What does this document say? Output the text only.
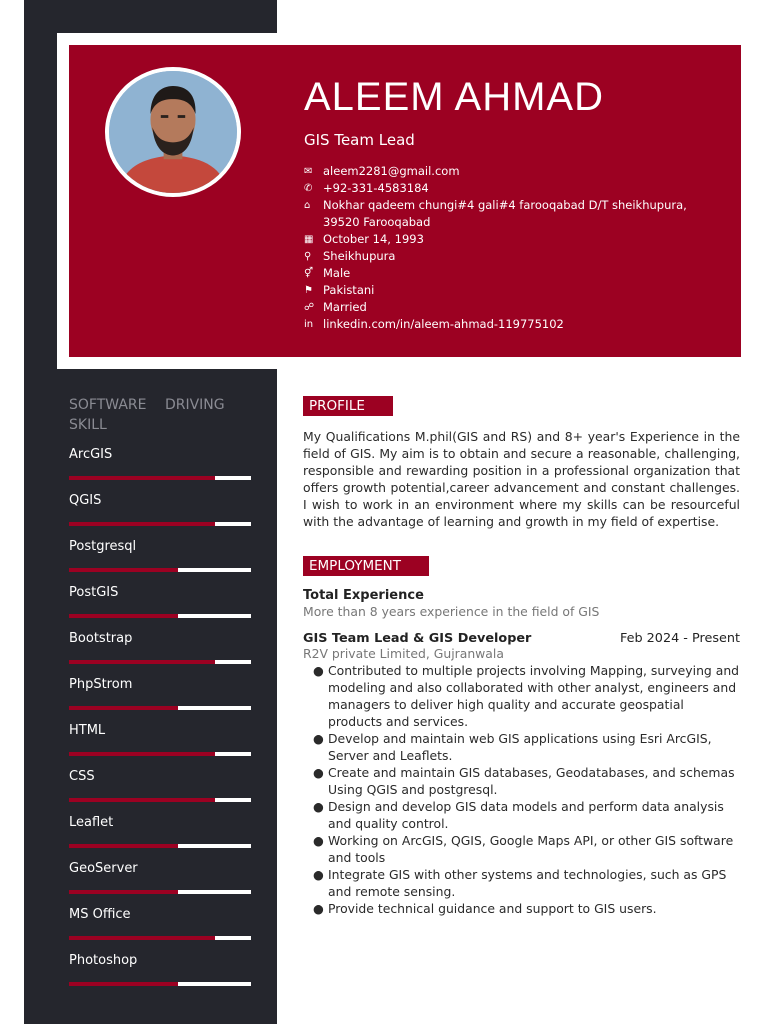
ALEEM AHMAD
GIS Team Lead
✉ aleem2281@gmail.com
✆ +92-331-4583184
⌂	Nokhar qadeem chungi#4 gali#4 farooqabad D/T sheikhupura, 39520 Farooqabad
▦ October 14, 1993
⚲	Sheikhupura
⚥ Male
⚑ Pakistani
☍ Married
in linkedin.com/in/aleem-ahmad-119775102
SOFTWARE DRIVING SKILL
ArcGIS
QGIS
Postgresql
PostGIS
Bootstrap
PhpStrom
HTML
CSS
Leaflet
GeoServer
MS Office
Photoshop
PROFILE

My Qualifications M.phil(GIS and RS) and 8+ year's Experience in the field of GIS. My aim is to obtain and secure a reasonable, challenging, responsible and rewarding position in a professional organization that offers growth potential,career advancement and constant challenges. I wish to work in an environment where my skills can be resourceful with the advantage of learning and growth in my field of expertise.

EMPLOYMENT
Total Experience
More than 8 years experience in the field of GIS
GIS Team Lead & GIS Developer	Feb 2024 - Present
R2V private Limited, Gujranwala
● Contributed to multiple projects involving Mapping, surveying and modeling and also collaborated with other analyst, engineers and managers to deliver high quality and accurate geospatial products and services.
● Develop and maintain web GIS applications using Esri ArcGIS, Server and Leaflets.
● Create and maintain GIS databases, Geodatabases, and schemas Using QGIS and postgresql.
● Design and develop GIS data models and perform data analysis and quality control.
● Working on ArcGIS, QGIS, Google Maps API, or other GIS software and tools
● Integrate GIS with other systems and technologies, such as GPS and remote sensing.
● Provide technical guidance and support to GIS users.
